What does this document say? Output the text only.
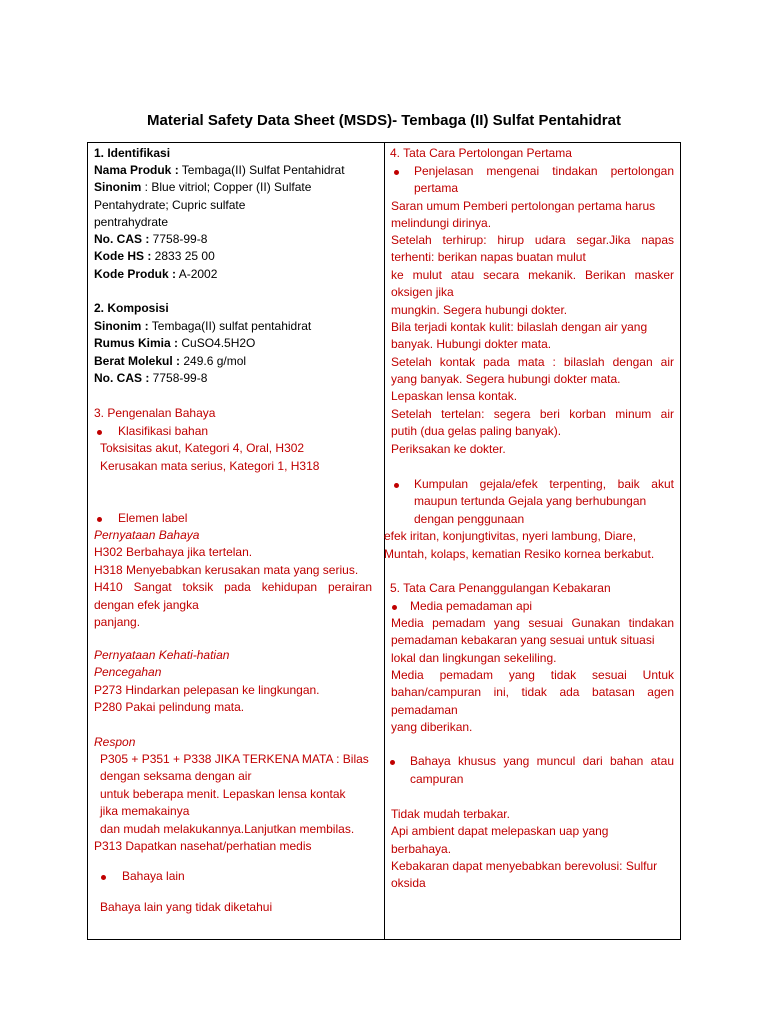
Material Safety Data Sheet (MSDS)- Tembaga (II) Sulfat Pentahidrat
1. Identifikasi
Nama Produk : Tembaga(II) Sulfat Pentahidrat
Sinonim : Blue vitriol; Copper (II) Sulfate
Pentahydrate; Cupric sulfate
pentrahydrate
No. CAS : 7758-99-8
Kode HS : 2833 25 00
Kode Produk : A-2002
2. Komposisi
Sinonim : Tembaga(II) sulfat pentahidrat
Rumus Kimia : CuSO4.5H2O
Berat Molekul : 249.6 g/mol
No. CAS : 7758-99-8
3. Pengenalan Bahaya
Klasifikasi bahan
Toksisitas akut, Kategori 4, Oral, H302
Kerusakan mata serius, Kategori 1, H318
Elemen label
Pernyataan Bahaya
H302 Berbahaya jika tertelan.
H318 Menyebabkan kerusakan mata yang serius.
H410 Sangat toksik pada kehidupan perairan
dengan efek jangka
panjang.
Pernyataan Kehati-hatian
Pencegahan
P273 Hindarkan pelepasan ke lingkungan.
P280 Pakai pelindung mata.
Respon
P305 + P351 + P338 JIKA TERKENA MATA : Bilas
dengan seksama dengan air
untuk beberapa menit. Lepaskan lensa kontak
jika memakainya
dan mudah melakukannya.Lanjutkan membilas.
P313 Dapatkan nasehat/perhatian medis
Bahaya lain
Bahaya lain yang tidak diketahui
4. Tata Cara Pertolongan Pertama
Penjelasan mengenai tindakan pertolongan
pertama
Saran umum Pemberi pertolongan pertama harus
melindungi dirinya.
Setelah terhirup: hirup udara segar.Jika napas
terhenti: berikan napas buatan mulut
ke mulut atau secara mekanik. Berikan masker
oksigen jika
mungkin. Segera hubungi dokter.
Bila terjadi kontak kulit: bilaslah dengan air yang
banyak. Hubungi dokter mata.
Setelah kontak pada mata : bilaslah dengan air
yang banyak. Segera hubungi dokter mata.
Lepaskan lensa kontak.
Setelah tertelan: segera beri korban minum air
putih (dua gelas paling banyak).
Periksakan ke dokter.
Kumpulan gejala/efek terpenting, baik akut
maupun tertunda Gejala yang berhubungan
dengan penggunaan
efek iritan, konjungtivitas, nyeri lambung, Diare,
Muntah, kolaps, kematian Resiko kornea berkabut.
5. Tata Cara Penanggulangan Kebakaran
Media pemadaman api
Media pemadam yang sesuai Gunakan tindakan
pemadaman kebakaran yang sesuai untuk situasi
lokal dan lingkungan sekeliling.
Media pemadam yang tidak sesuai Untuk
bahan/campuran ini, tidak ada batasan agen
pemadaman
yang diberikan.
Bahaya khusus yang muncul dari bahan atau
campuran
Tidak mudah terbakar.
Api ambient dapat melepaskan uap yang
berbahaya.
Kebakaran dapat menyebabkan berevolusi: Sulfur
oksida
